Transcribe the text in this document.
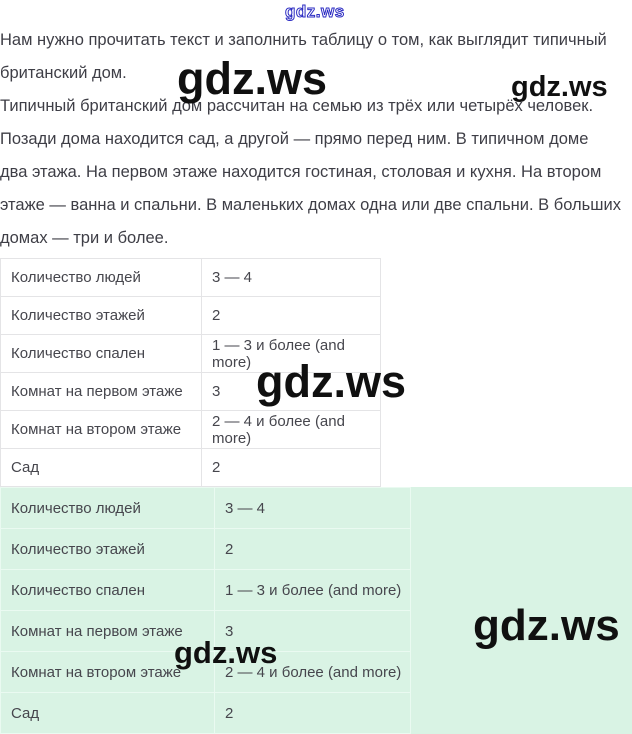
gdz.ws
Нам нужно прочитать текст и заполнить таблицу о том, как выглядит типичный
британский дом.
Типичный британский дом рассчитан на семью из трёх или четырёх человек.
Позади дома находится сад, а другой — прямо перед ним. В типичном доме
два этажа. На первом этаже находится гостиная, столовая и кухня. На втором
этаже — ванна и спальни. В маленьких домах одна или две спальни. В больших
домах — три и более.
gdz.ws	gdz.ws
Количество людей	3 — 4
Количество этажей	2
Количество спален	1 — 3 и более (and more)
Комнат на первом этаже	3
Комнат на втором этаже	2 — 4 и более (and more)
Сад	2
Количество людей	3 — 4
Количество этажей	2
Количество спален	1 — 3 и более (and more)
Комнат на первом этаже	3
Комнат на втором этаже	2 — 4 и более (and more)
Сад	2
gdz.ws
gdz.ws
gdz.ws
